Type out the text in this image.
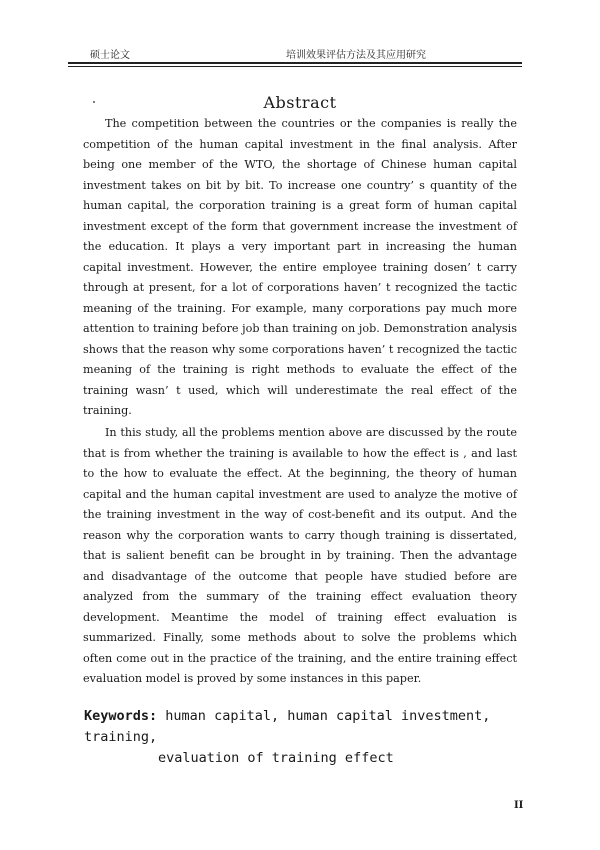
硕士论文	培训效果评估方法及其应用研究
Abstract

The competition between the countries or the companies is really the competition of the human capital investment in the final analysis. After being one member of the WTO, the shortage of Chinese human capital investment takes on bit by bit. To increase one country’ s quantity of the human capital, the corporation training is a great form of human capital investment except of the form that government increase the investment of the education. It plays a very important part in increasing the human capital investment. However, the entire employee training dosen’ t carry through at present, for a lot of corporations haven’ t recognized the tactic meaning of the training. For example, many corporations pay much more attention to training before job than training on job. Demonstration analysis shows that the reason why some corporations haven’ t recognized the tactic meaning of the training is right methods to evaluate the effect of the training wasn’ t used, which will underestimate the real effect of the training.

In this study, all the problems mention above are discussed by the route that is from whether the training is available to how the effect is , and last to the how to evaluate the effect. At the beginning, the theory of human capital and the human capital investment are used to analyze the motive of the training investment in the way of cost-benefit and its output. And the reason why the corporation wants to carry though training is dissertated, that is salient benefit can be brought in by training. Then the advantage and disadvantage of the outcome that people have studied before are analyzed from the summary of the training effect evaluation theory development. Meantime the model of training effect evaluation is summarized. Finally, some methods about to solve the problems which often come out in the practice of the training, and the entire training effect evaluation model is proved by some instances in this paper.

Keywords: human capital, human capital investment, training,
evaluation of training effect
II
